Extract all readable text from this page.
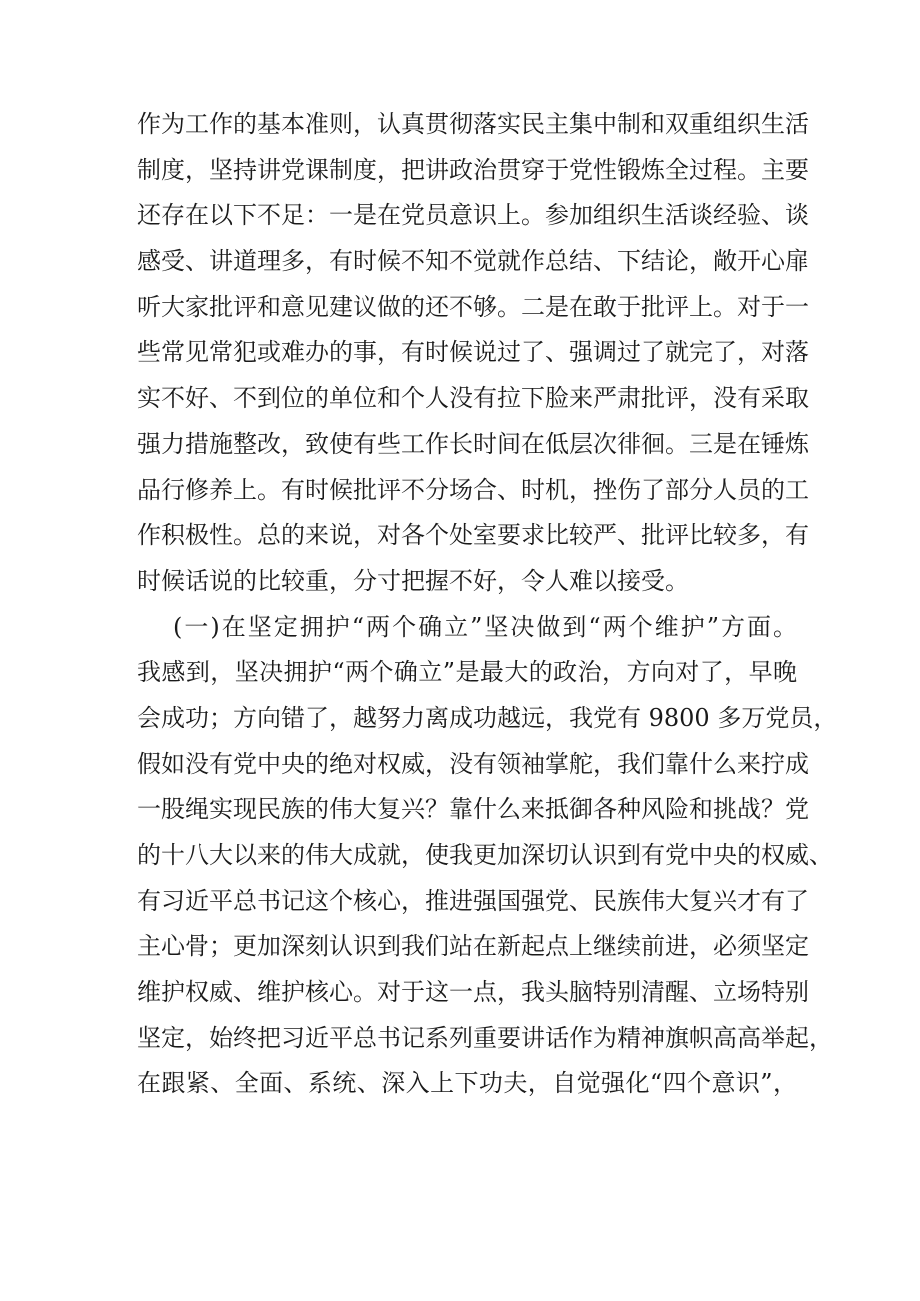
作为工作的基本准则，认真贯彻落实民主集中制和双重组织生活
制度，坚持讲党课制度，把讲政治贯穿于党性锻炼全过程。主要
还存在以下不足：一是在党员意识上。参加组织生活谈经验、谈
感受、讲道理多，有时候不知不觉就作总结、下结论，敞开心扉
听大家批评和意见建议做的还不够。二是在敢于批评上。对于一
些常见常犯或难办的事，有时候说过了、强调过了就完了，对落
实不好、不到位的单位和个人没有拉下脸来严肃批评，没有采取
强力措施整改，致使有些工作长时间在低层次徘徊。三是在锤炼
品行修养上。有时候批评不分场合、时机，挫伤了部分人员的工
作积极性。总的来说，对各个处室要求比较严、批评比较多，有
时候话说的比较重，分寸把握不好，令人难以接受。
(一)在坚定拥护“两个确立”坚决做到“两个维护”方面。
我感到，坚决拥护“两个确立”是最大的政治，方向对了，早晚
会成功；方向错了，越努力离成功越远，我党有 9800 多万党员，
假如没有党中央的绝对权威，没有领袖掌舵，我们靠什么来拧成
一股绳实现民族的伟大复兴？靠什么来抵御各种风险和挑战？党
的十八大以来的伟大成就，使我更加深切认识到有党中央的权威、
有习近平总书记这个核心，推进强国强党、民族伟大复兴才有了
主心骨；更加深刻认识到我们站在新起点上继续前进，必须坚定
维护权威、维护核心。对于这一点，我头脑特别清醒、立场特别
坚定，始终把习近平总书记系列重要讲话作为精神旗帜高高举起，
在跟紧、全面、系统、深入上下功夫，自觉强化“四个意识”，
